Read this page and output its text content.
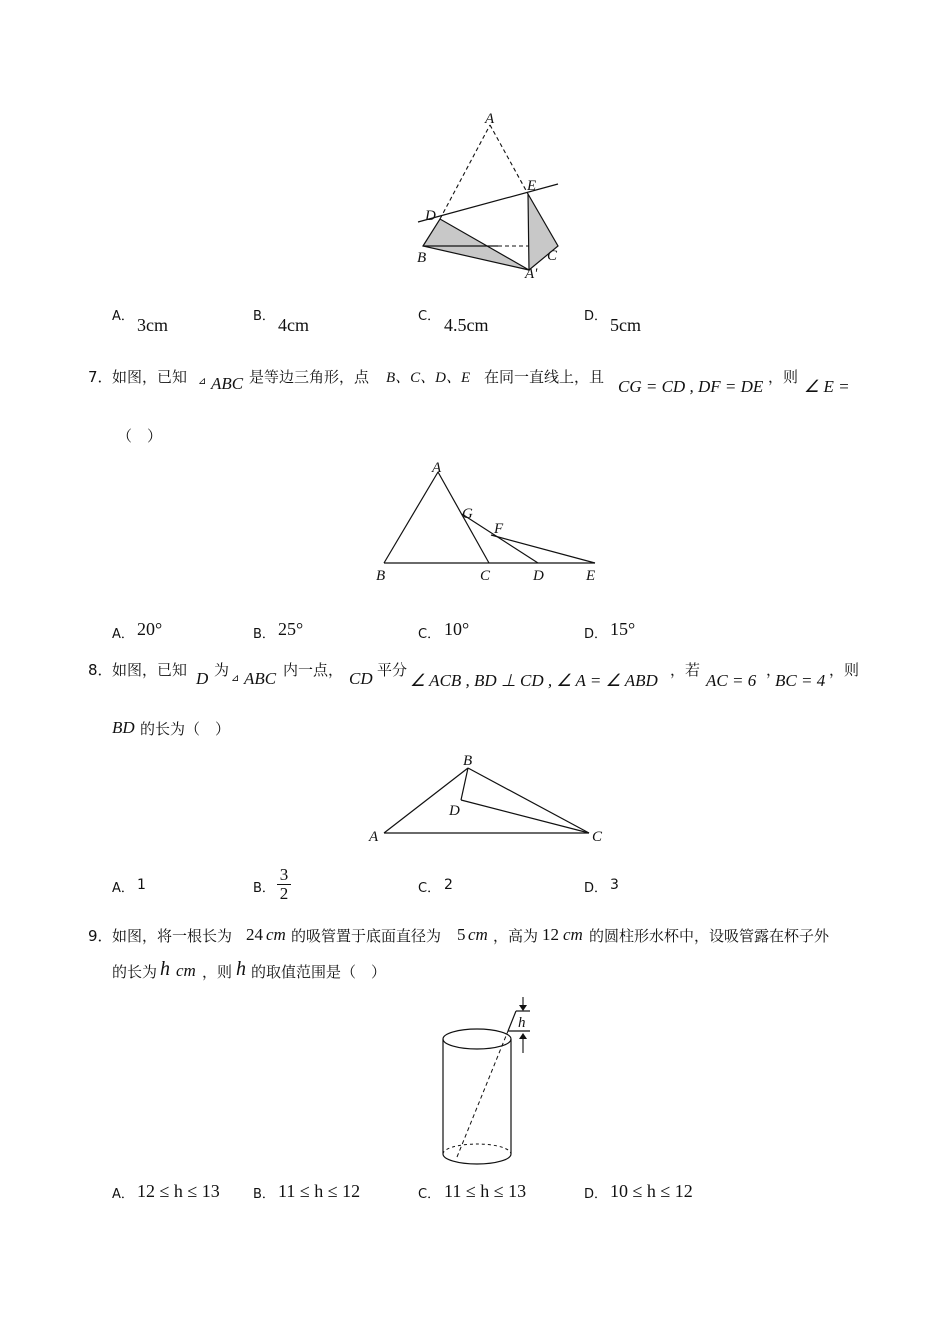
A
E
D
B	C
A'
A． 3cm	B． 4cm	C． 4.5cm	D． 5cm
7． 如图，已知 ⊿ ABC 是等边三角形，点 B、C、D、E 在同一直线上，且 CG = CD , DF = DE ，则 ∠ E =
（　）
A
G
F
B	C	D	E
A． 20°	B． 25°	C． 10°	D． 15°
8． 如图，已知 D 为 ⊿ ABC 内一点， CD 平分
∠ ACB , BD ⊥ CD , ∠ A = ∠ ABD
，若
AC = 6
，
BC = 4
，则
BD 的长为（　）
B
D
A	C
A． 1	B． $\frac{3}{2}$	C． 2	D． 3
9． 如图，将一根长为 24 cm 的吸管置于底面直径为 5 cm ，高为 12 cm 的圆柱形水杯中，设吸管露在杯子外
的长为 h cm ，则 h 的取值范围是（　）
h
A． 12 ≤ h ≤ 13	B． 11 ≤ h ≤ 12	C． 11 ≤ h ≤ 13	D． 10 ≤ h ≤ 12
